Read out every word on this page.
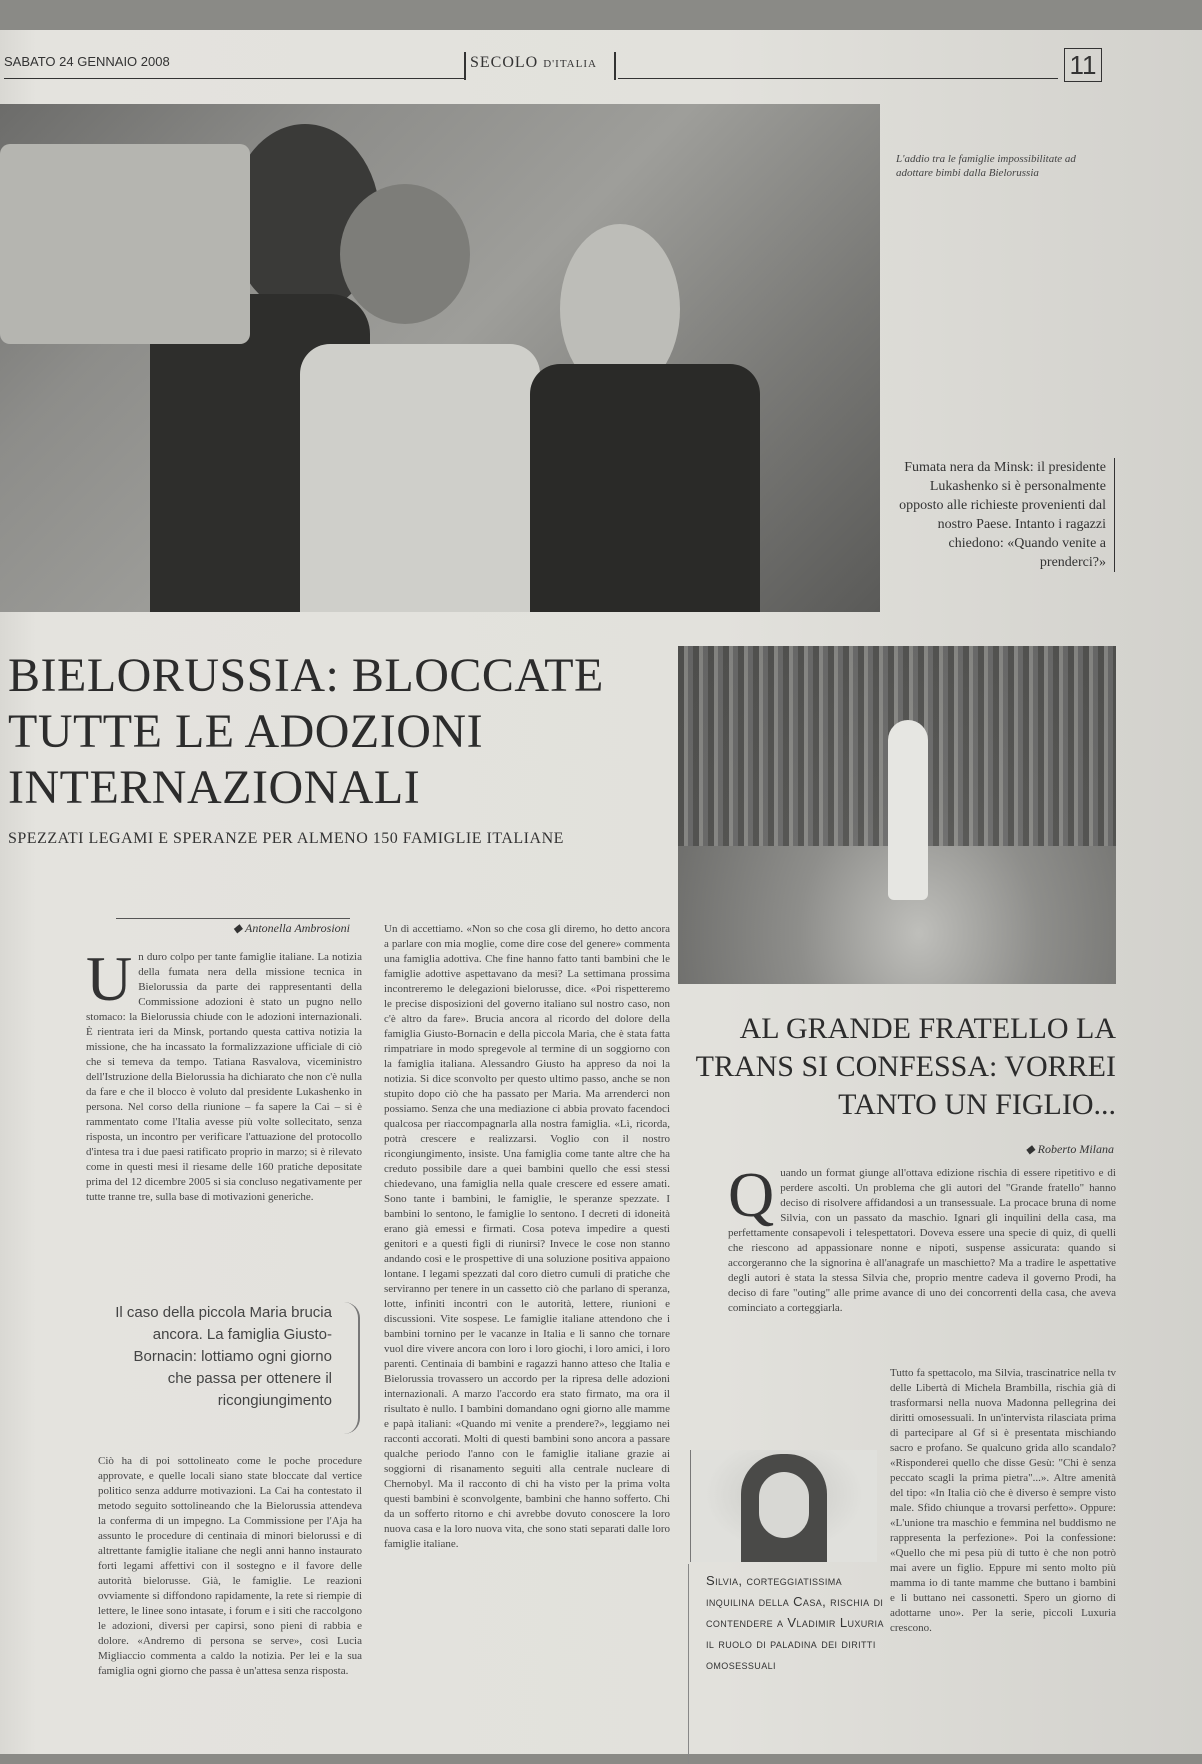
SABATO 24 GENNAIO 2008	SECOLO D'ITALIA	11
L'addio tra le famiglie impossibilitate ad adottare bimbi dalla Bielorussia
Fumata nera da Minsk: il presidente Lukashenko si è personalmente opposto alle richieste provenienti dal nostro Paese. Intanto i ragazzi chiedono: «Quando venite a prenderci?»
BIELORUSSIA: BLOCCATE TUTTE LE ADOZIONI INTERNAZIONALI
SPEZZATI LEGAMI E SPERANZE PER ALMENO 150 FAMIGLIE ITALIANE
◆ Antonella Ambrosioni
Un duro colpo per tante famiglie italiane. La notizia della fumata nera della missione tecnica in Bielorussia da parte dei rappresentanti della Commissione adozioni è stato un pugno nello stomaco: la Bielorussia chiude con le adozioni internazionali. È rientrata ieri da Minsk, portando questa cattiva notizia la missione, che ha incassato la formalizzazione ufficiale di ciò che si temeva da tempo. Tatiana Rasvalova, viceministro dell'Istruzione della Bielorussia ha dichiarato che non c'è nulla da fare e che il blocco è voluto dal presidente Lukashenko in persona. Nel corso della riunione – fa sapere la Cai – si è rammentato come l'Italia avesse più volte sollecitato, senza risposta, un incontro per verificare l'attuazione del protocollo d'intesa tra i due paesi ratificato proprio in marzo; si è rilevato come in questi mesi il riesame delle 160 pratiche depositate prima del 12 dicembre 2005 si sia concluso negativamente per tutte tranne tre, sulla base di motivazioni generiche.
Il caso della piccola Maria brucia ancora. La famiglia Giusto-Bornacin: lottiamo ogni giorno che passa per ottenere il ricongiungimento
Ciò ha di poi sottolineato come le poche procedure approvate, e quelle locali siano state bloccate dal vertice politico senza addurre motivazioni. La Cai ha contestato il metodo seguito sottolineando che la Bielorussia attendeva la conferma di un impegno. La Commissione per l'Aja ha assunto le procedure di centinaia di minori bielorussi e di altrettante famiglie italiane che negli anni hanno instaurato forti legami affettivi con il sostegno e il favore delle autorità bielorusse. Già, le famiglie. Le reazioni ovviamente si diffondono rapidamente, la rete si riempie di lettere, le linee sono intasate, i forum e i siti che raccolgono le adozioni, diversi per capirsi, sono pieni di rabbia e dolore. «Andremo di persona se serve», così Lucia Migliaccio commenta a caldo la notizia. Per lei e la sua famiglia ogni giorno che passa è un'attesa senza risposta.
Un dì accettiamo. «Non so che cosa gli diremo, ho detto ancora a parlare con mia moglie, come dire cose del genere» commenta una famiglia adottiva. Che fine hanno fatto tanti bambini che le famiglie adottive aspettavano da mesi? La settimana prossima incontreremo le delegazioni bielorusse, dice. «Poi rispetteremo le precise disposizioni del governo italiano sul nostro caso, non c'è altro da fare». Brucia ancora al ricordo del dolore della famiglia Giusto-Bornacin e della piccola Maria, che è stata fatta rimpatriare in modo spregevole al termine di un soggiorno con la famiglia italiana. Alessandro Giusto ha appreso da noi la notizia. Si dice sconvolto per questo ultimo passo, anche se non stupito dopo ciò che ha passato per Maria. Ma arrenderci non possiamo. Senza che una mediazione ci abbia provato facendoci qualcosa per riaccompagnarla alla nostra famiglia. «Lì, ricorda, potrà crescere e realizzarsi. Voglio con il nostro ricongiungimento, insiste. Una famiglia come tante altre che ha creduto possibile dare a quei bambini quello che essi stessi chiedevano, una famiglia nella quale crescere ed essere amati. Sono tante i bambini, le famiglie, le speranze spezzate. I bambini lo sentono, le famiglie lo sentono. I decreti di idoneità erano già emessi e firmati. Cosa poteva impedire a questi genitori e a questi figli di riunirsi? Invece le cose non stanno andando così e le prospettive di una soluzione positiva appaiono lontane. I legami spezzati dal coro dietro cumuli di pratiche che serviranno per tenere in un cassetto ciò che parlano di speranza, lotte, infiniti incontri con le autorità, lettere, riunioni e discussioni. Vite sospese. Le famiglie italiane attendono che i bambini tornino per le vacanze in Italia e lì sanno che tornare vuol dire vivere ancora con loro i loro giochi, i loro amici, i loro parenti. Centinaia di bambini e ragazzi hanno atteso che Italia e Bielorussia trovassero un accordo per la ripresa delle adozioni internazionali. A marzo l'accordo era stato firmato, ma ora il risultato è nullo. I bambini domandano ogni giorno alle mamme e papà italiani: «Quando mi venite a prendere?», leggiamo nei racconti accorati. Molti di questi bambini sono ancora a passare qualche periodo l'anno con le famiglie italiane grazie ai soggiorni di risanamento seguiti alla centrale nucleare di Chernobyl. Ma il racconto di chi ha visto per la prima volta questi bambini è sconvolgente, bambini che hanno sofferto. Chi da un sofferto ritorno e chi avrebbe dovuto conoscere la loro nuova casa e la loro nuova vita, che sono stati separati dalle loro famiglie italiane.
AL GRANDE FRATELLO LA TRANS SI CONFESSA: VORREI TANTO UN FIGLIO...
◆ Roberto Milana
Quando un format giunge all'ottava edizione rischia di essere ripetitivo e di perdere ascolti. Un problema che gli autori del "Grande fratello" hanno deciso di risolvere affidandosi a un transessuale. La procace bruna di nome Silvia, con un passato da maschio. Ignari gli inquilini della casa, ma perfettamente consapevoli i telespettatori. Doveva essere una specie di quiz, di quelli che riescono ad appassionare nonne e nipoti, suspense assicurata: quando si accorgeranno che la signorina è all'anagrafe un maschietto? Ma a tradire le aspettative degli autori è stata la stessa Silvia che, proprio mentre cadeva il governo Prodi, ha deciso di fare "outing" alle prime avance di uno dei concorrenti della casa, che aveva cominciato a corteggiarla.
Tutto fa spettacolo, ma Silvia, trascinatrice nella tv delle Libertà di Michela Brambilla, rischia già di trasformarsi nella nuova Madonna pellegrina dei diritti omosessuali. In un'intervista rilasciata prima di partecipare al Gf si è presentata mischiando sacro e profano. Se qualcuno grida allo scandalo? «Risponderei quello che disse Gesù: "Chi è senza peccato scagli la prima pietra"...». Altre amenità del tipo: «In Italia ciò che è diverso è sempre visto male. Sfido chiunque a trovarsi perfetto». Oppure: «L'unione tra maschio e femmina nel buddismo ne rappresenta la perfezione». Poi la confessione: «Quello che mi pesa più di tutto è che non potrò mai avere un figlio. Eppure mi sento molto più mamma io di tante mamme che buttano i bambini e li buttano nei cassonetti. Spero un giorno di adottarne uno». Per la serie, piccoli Luxuria crescono.
Silvia, corteggiatissima inquilina della Casa, rischia di contendere a Vladimir Luxuria il ruolo di paladina dei diritti omosessuali
